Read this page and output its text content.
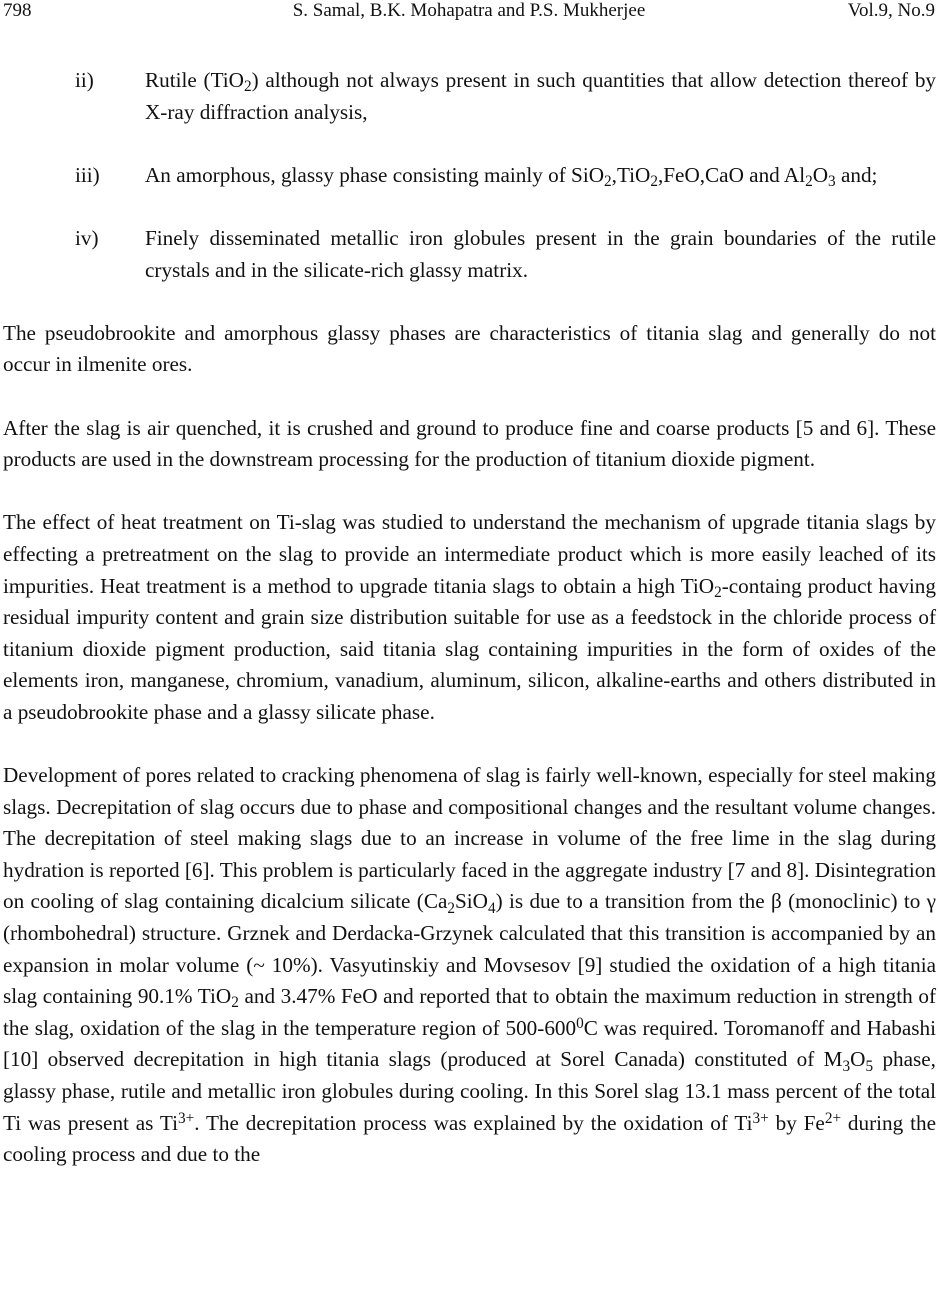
798	S. Samal, B.K. Mohapatra and P.S. Mukherjee	Vol.9, No.9
ii) Rutile (TiO$_2$) although not always present in such quantities that allow detection thereof by X-ray diffraction analysis,
iii) An amorphous, glassy phase consisting mainly of SiO$_2$,TiO$_2$,FeO,CaO and $Al_2O_3$ and;
iv) Finely disseminated metallic iron globules present in the grain boundaries of the rutile crystals and in the silicate-rich glassy matrix.

The pseudobrookite and amorphous glassy phases are characteristics of titania slag and generally do not occur in ilmenite ores.

After the slag is air quenched, it is crushed and ground to produce fine and coarse products [5 and 6]. These products are used in the downstream processing for the production of titanium dioxide pigment.

The effect of heat treatment on Ti-slag was studied to understand the mechanism of upgrade titania slags by effecting a pretreatment on the slag to provide an intermediate product which is more easily leached of its impurities. Heat treatment is a method to upgrade titania slags to obtain a high TiO$_2$-containg product having residual impurity content and grain size distribution suitable for use as a feedstock in the chloride process of titanium dioxide pigment production, said titania slag containing impurities in the form of oxides of the elements iron, manganese, chromium, vanadium, aluminum, silicon, alkaline-earths and others distributed in a pseudobrookite phase and a glassy silicate phase.

Development of pores related to cracking phenomena of slag is fairly well-known, especially for steel making slags. Decrepitation of slag occurs due to phase and compositional changes and the resultant volume changes. The decrepitation of steel making slags due to an increase in volume of the free lime in the slag during hydration is reported [6]. This problem is particularly faced in the aggregate industry [7 and 8]. Disintegration on cooling of slag containing dicalcium silicate $(Ca_2SiO_4)$ is due to a transition from the β (monoclinic) to γ (rhombohedral) structure. Grznek and Derdacka-Grzynek calculated that this transition is accompanied by an expansion in molar volume (~ 10%). Vasyutinskiy and Movsesov [9] studied the oxidation of a high titania slag containing 90.1% TiO$_2$ and 3.47% FeO and reported that to obtain the maximum reduction in strength of the slag, oxidation of the slag in the temperature region of $500-600^0C$ was required. Toromanoff and Habashi [10] observed decrepitation in high titania slags (produced at Sorel Canada) constituted of $M_3O_5$ phase, glassy phase, rutile and metallic iron globules during cooling. In this Sorel slag 13.1 mass percent of the total Ti was present as $Ti^{3+}$. The decrepitation process was explained by the oxidation of $Ti^{3+}$ by $Fe^{2+}$ during the cooling process and due to the
